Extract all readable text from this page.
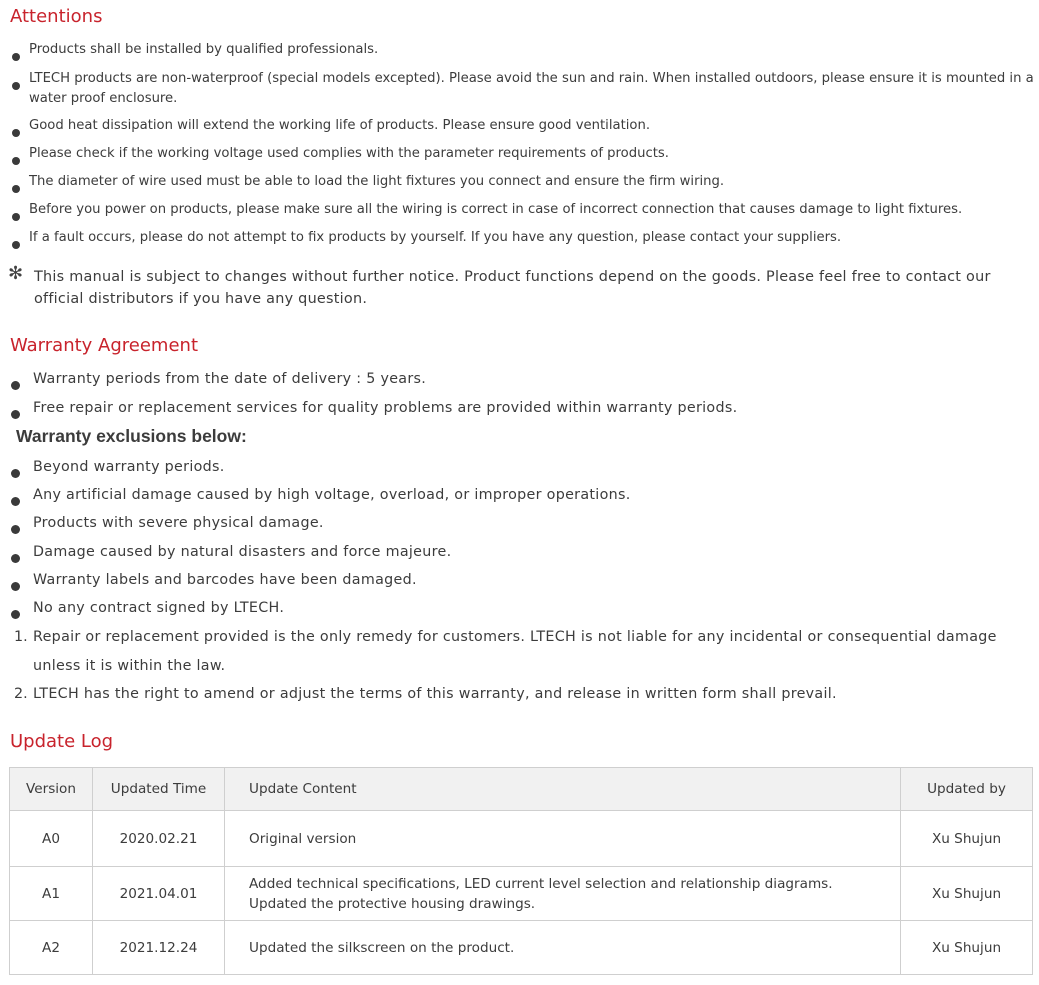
Attentions
Products shall be installed by qualified professionals.
LTECH products are non-waterproof (special models excepted). Please avoid the sun and rain. When installed outdoors, please ensure it is mounted in a water proof enclosure.
Good heat dissipation will extend the working life of products. Please ensure good ventilation.
Please check if the working voltage used complies with the parameter requirements of products.
The diameter of wire used must be able to load the light fixtures you connect and ensure the firm wiring.
Before you power on products, please make sure all the wiring is correct in case of incorrect connection that causes damage to light fixtures.
If a fault occurs, please do not attempt to fix products by yourself. If you have any question, please contact your suppliers.
✻ This manual is subject to changes without further notice. Product functions depend on the goods. Please feel free to contact our official distributors if you have any question.
Warranty Agreement
Warranty periods from the date of delivery : 5 years.
Free repair or replacement services for quality problems are provided within warranty periods.
Warranty exclusions below:
Beyond warranty periods.
Any artificial damage caused by high voltage, overload, or improper operations.
Products with severe physical damage.
Damage caused by natural disasters and force majeure.
Warranty labels and barcodes have been damaged.
No any contract signed by LTECH.
1. Repair or replacement provided is the only remedy for customers. LTECH is not liable for any incidental or consequential damage unless it is within the law.
2. LTECH has the right to amend or adjust the terms of this warranty, and release in written form shall prevail.
Update Log
Version	Updated Time	Update Content	Updated by
A0	2020.02.21	Original version	Xu Shujun
A1	2021.04.01	Added technical specifications, LED current level selection and relationship diagrams. Updated the protective housing drawings.	Xu Shujun
A2	2021.12.24	Updated the silkscreen on the product.	Xu Shujun
